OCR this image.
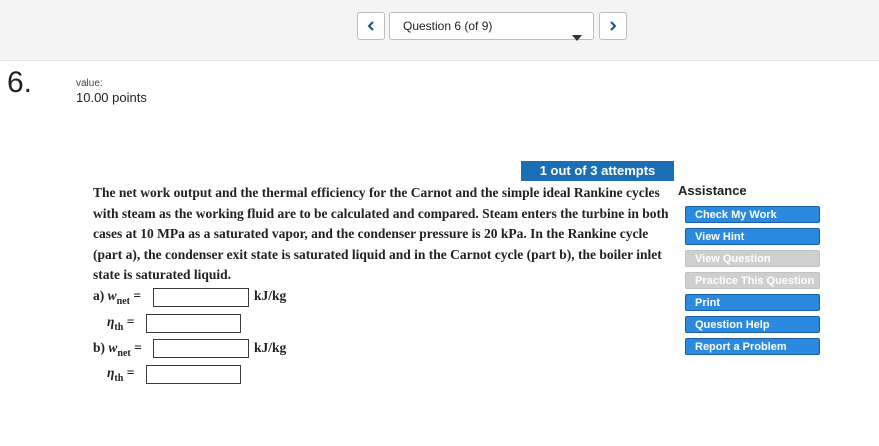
Question 6 (of 9)
6.	value:
10.00 points
1 out of 3 attempts
The net work output and the thermal efficiency for the Carnot and the simple ideal Rankine cycles with steam as the working fluid are to be calculated and compared. Steam enters the turbine in both cases at 10 MPa as a saturated vapor, and the condenser pressure is 20 kPa. In the Rankine cycle (part a), the condenser exit state is saturated liquid and in the Carnot cycle (part b), the boiler inlet state is saturated liquid.
a) $w_{net}$ =	kJ/kg
$\eta_{th}$ =
b) $w_{net}$ =	kJ/kg
$\eta_{th}$ =
Assistance
Check My Work
View Hint
View Question
Practice This Question
Print
Question Help
Report a Problem
